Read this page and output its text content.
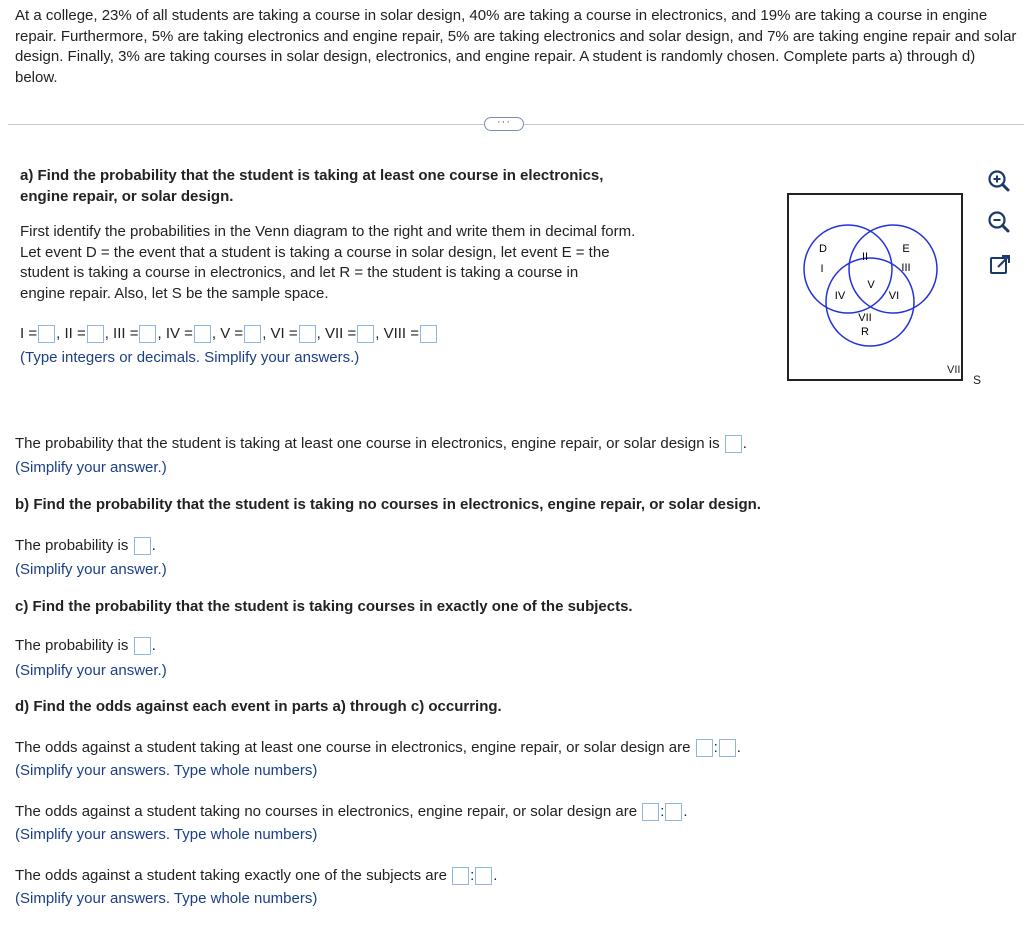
At a college, 23% of all students are taking a course in solar design, 40% are taking a course in electronics, and 19% are taking a course in engine repair. Furthermore, 5% are taking electronics and engine repair, 5% are taking electronics and solar design, and 7% are taking engine repair and solar design. Finally, 3% are taking courses in solar design, electronics, and engine repair. A student is randomly chosen. Complete parts a) through d) below.
···
a) Find the probability that the student is taking at least one course in electronics,
engine repair, or solar design.
First identify the probabilities in the Venn diagram to the right and write them in decimal form.
Let event D = the event that a student is taking a course in solar design, let event E = the
student is taking a course in electronics, and let R = the student is taking a course in
engine repair. Also, let S be the sample space.
I = , II = , III = , IV = , V = , VI = , VII = , VIII =
(Type integers or decimals. Simplify your answers.)
D
I
E
III
II
V
IV	VI
VII
R
VIII
S
The probability that the student is taking at least one course in electronics, engine repair, or solar design is .
(Simplify your answer.)
b) Find the probability that the student is taking no courses in electronics, engine repair, or solar design.
The probability is .
(Simplify your answer.)
c) Find the probability that the student is taking courses in exactly one of the subjects.
The probability is .
(Simplify your answer.)
d) Find the odds against each event in parts a) through c) occurring.
The odds against a student taking at least one course in electronics, engine repair, or solar design are : .
(Simplify your answers. Type whole numbers)
The odds against a student taking no courses in electronics, engine repair, or solar design are : .
(Simplify your answers. Type whole numbers)
The odds against a student taking exactly one of the subjects are : .
(Simplify your answers. Type whole numbers)
